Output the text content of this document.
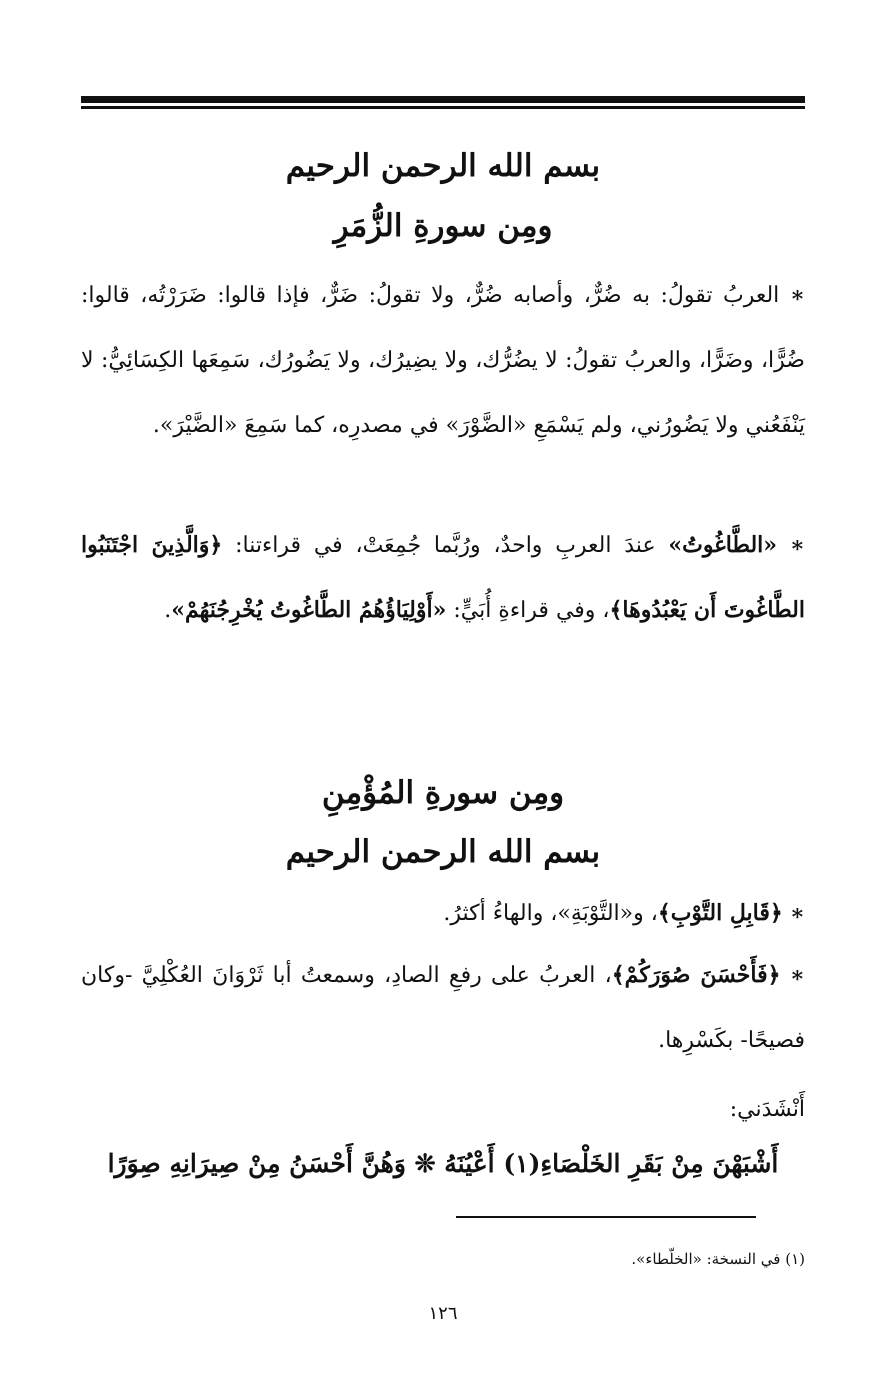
بسم الله الرحمن الرحيم
ومِن سورةِ الزُّمَرِ
∗ العربُ تقولُ: به ضُرٌّ، وأصابه ضُرٌّ، ولا تقولُ: ضَرٌّ، فإذا قالوا: ضَرَرْتُه، قالوا: ضُرًّا، وضَرًّا، والعربُ تقولُ: لا يضُرُّك، ولا يضِيرُك، ولا يَضُورُك، سَمِعَها الكِسَائِيُّ: لا يَنْفَعُني ولا يَضُورُني، ولم يَسْمَعِ «الضَّوْرَ» في مصدرِه، كما سَمِعَ «الضَّيْرَ».
∗ «الطَّاغُوتُ» عندَ العربِ واحدٌ، ورُبَّما جُمِعَتْ، في قراءتنا: ﴿وَالَّذِينَ اجْتَنَبُوا الطَّاغُوتَ أَن يَعْبُدُوهَا﴾، وفي قراءةِ أُبَيٍّ: «أَوْلِيَاؤُهُمُ الطَّاغُوتُ يُخْرِجُنَهُمْ».
ومِن سورةِ المُؤْمِنِ
بسم الله الرحمن الرحيم
∗ ﴿قَابِلِ التَّوْبِ﴾، و«التَّوْبَةِ»، والهاءُ أكثرُ.
∗ ﴿فَأَحْسَنَ صُوَرَكُمْ﴾، العربُ على رفعِ الصادِ، وسمعتُ أبا ثَرْوَانَ العُكْلِيَّ -وكان فصيحًا- بكَسْرِها.
أَنْشَدَني:
أَشْبَهْنَ مِنْ بَقَرِ الخَلْصَاءِ(١) أَعْيُنَهُ ❊ وَهُنَّ أَحْسَنُ مِنْ صِيرَانِهِ صِوَرًا
(١) في النسخة: «الخلّطاء».
١٢٦
